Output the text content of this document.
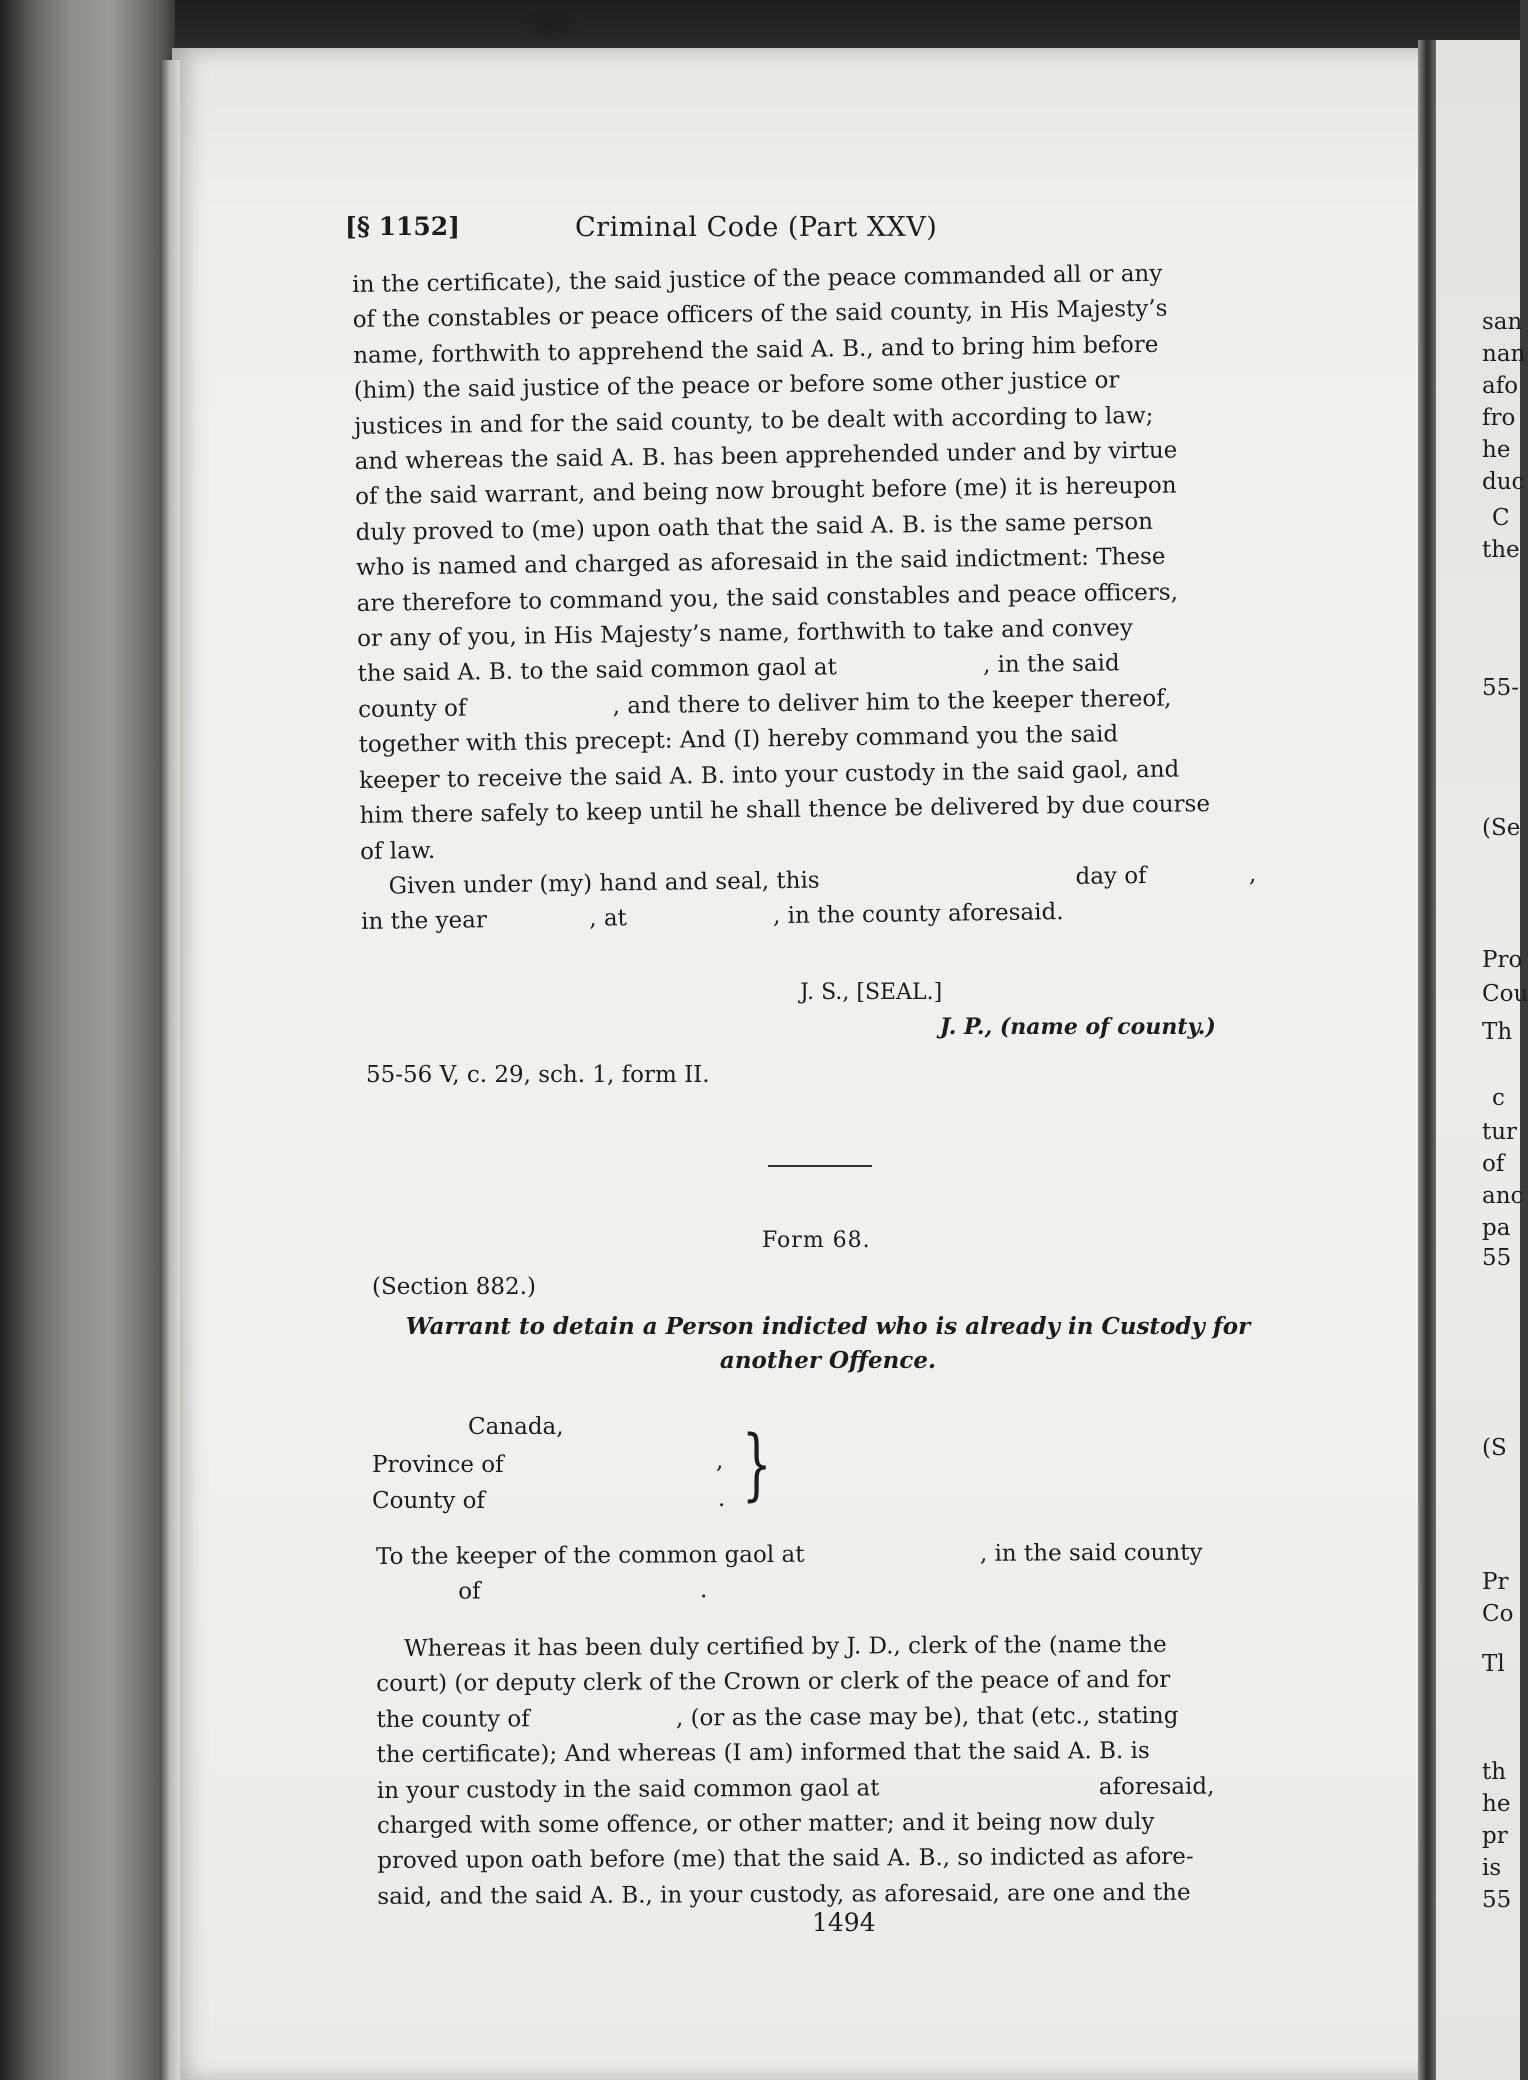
san
nan
afo
fro
he
duc
C
the
55-
(Se
Pro
Cou
Th
c
tur
of
anc
pa
55
(S
Pr
Co
Tl
th
he
pr
is
55
[§ 1152]	Criminal Code (Part XXV)
in the certificate), the said justice of the peace commanded all or any
of the constables or peace officers of the said county, in His Majesty’s
name, forthwith to apprehend the said A. B., and to bring him before
(him) the said justice of the peace or before some other justice or
justices in and for the said county, to be dealt with according to law;
and whereas the said A. B. has been apprehended under and by virtue
of the said warrant, and being now brought before (me) it is hereupon
duly proved to (me) upon oath that the said A. B. is the same person
who is named and charged as aforesaid in the said indictment: These
are therefore to command you, the said constables and peace officers,
or any of you, in His Majesty’s name, forthwith to take and convey
the said A. B. to the said common gaol at                    , in the said
county of                    , and there to deliver him to the keeper thereof,
together with this precept: And (I) hereby command you the said
keeper to receive the said A. B. into your custody in the said gaol, and
him there safely to keep until he shall thence be delivered by due course
of law.
Given under (my) hand and seal, this                                   day of              ,
in the year              , at                    , in the county aforesaid.
J. S., [SEAL.]
J. P., (name of county.)
55-56 V, c. 29, sch. 1, form II.
Form 68.
(Section 882.)
Warrant to detain a Person indicted who is already in Custody for
another Offence.
Canada,
Province of
County of
,
. }
To the keeper of the common gaol at                        , in the said county
of                              .
Whereas it has been duly certified by J. D., clerk of the (name the
court) (or deputy clerk of the Crown or clerk of the peace of and for
the county of                    , (or as the case may be), that (etc., stating
the certificate); And whereas (I am) informed that the said A. B. is
in your custody in the said common gaol at                              aforesaid,
charged with some offence, or other matter; and it being now duly
proved upon oath before (me) that the said A. B., so indicted as afore-
said, and the said A. B., in your custody, as aforesaid, are one and the
1494
